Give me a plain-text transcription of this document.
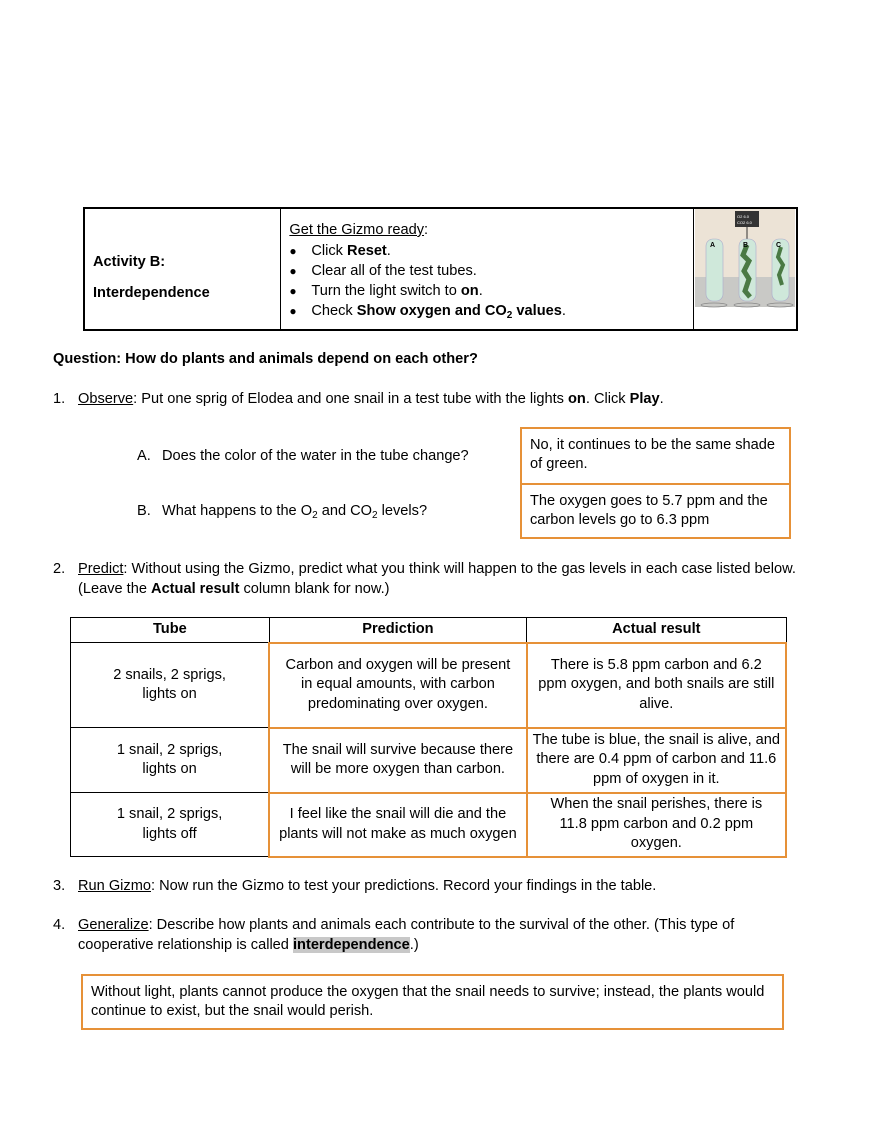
Activity B:
Interdependence
Get the Gizmo ready:
● Click Reset.
● Clear all of the test tubes.
● Turn the light switch to on.
● Check Show oxygen and $CO_2$ values.
A	B	C
O2 6.0
CO2 6.0
Question: How do plants and animals depend on each other?
1. Observe: Put one sprig of Elodea and one snail in a test tube with the lights on. Click Play.
A. Does the color of the water in the tube change?
No, it continues to be the same shade of green.
B. What happens to the $O_2$ and $CO_2$ levels?
The oxygen goes to 5.7 ppm and the carbon levels go to 6.3 ppm
2. Predict: Without using the Gizmo, predict what you think will happen to the gas levels in each case listed below. (Leave the Actual result column blank for now.)
Tube	Prediction	Actual result
2 snails, 2 sprigs, lights on	Carbon and oxygen will be present in equal amounts, with carbon predominating over oxygen.	There is 5.8 ppm carbon and 6.2 ppm oxygen, and both snails are still alive.
1 snail, 2 sprigs, lights on	The snail will survive because there will be more oxygen than carbon.	The tube is blue, the snail is alive, and there are 0.4 ppm of carbon and 11.6 ppm of oxygen in it.
1 snail, 2 sprigs, lights off	I feel like the snail will die and the plants will not make as much oxygen	When the snail perishes, there is 11.8 ppm carbon and 0.2 ppm oxygen.
3. Run Gizmo: Now run the Gizmo to test your predictions. Record your findings in the table.
4. Generalize: Describe how plants and animals each contribute to the survival of the other. (This type of cooperative relationship is called interdependence.)
Without light, plants cannot produce the oxygen that the snail needs to survive; instead, the plants would continue to exist, but the snail would perish.
